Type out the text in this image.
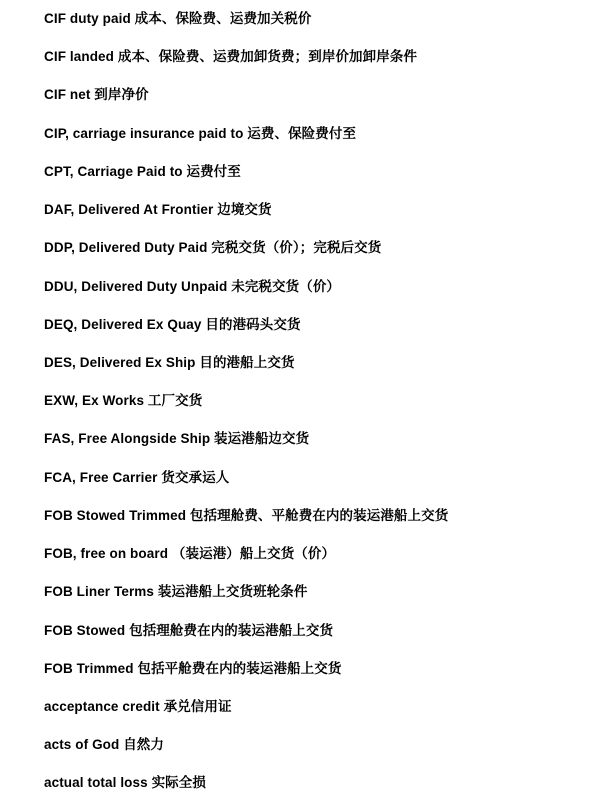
CIF duty paid 成本、保险费、运费加关税价
CIF landed 成本、保险费、运费加卸货费；到岸价加卸岸条件
CIF net 到岸净价
CIP, carriage insurance paid to 运费、保险费付至
CPT, Carriage Paid to 运费付至
DAF, Delivered At Frontier 边境交货
DDP, Delivered Duty Paid 完税交货（价）；完税后交货
DDU, Delivered Duty Unpaid 未完税交货（价）
DEQ, Delivered Ex Quay 目的港码头交货
DES, Delivered Ex Ship 目的港船上交货
EXW, Ex Works 工厂交货
FAS, Free Alongside Ship 装运港船边交货
FCA, Free Carrier 货交承运人
FOB Stowed Trimmed 包括理舱费、平舱费在内的装运港船上交货
FOB, free on board （装运港）船上交货（价）
FOB Liner Terms 装运港船上交货班轮条件
FOB Stowed 包括理舱费在内的装运港船上交货
FOB Trimmed 包括平舱费在内的装运港船上交货
acceptance credit 承兑信用证
acts of God 自然力
actual total loss 实际全损
